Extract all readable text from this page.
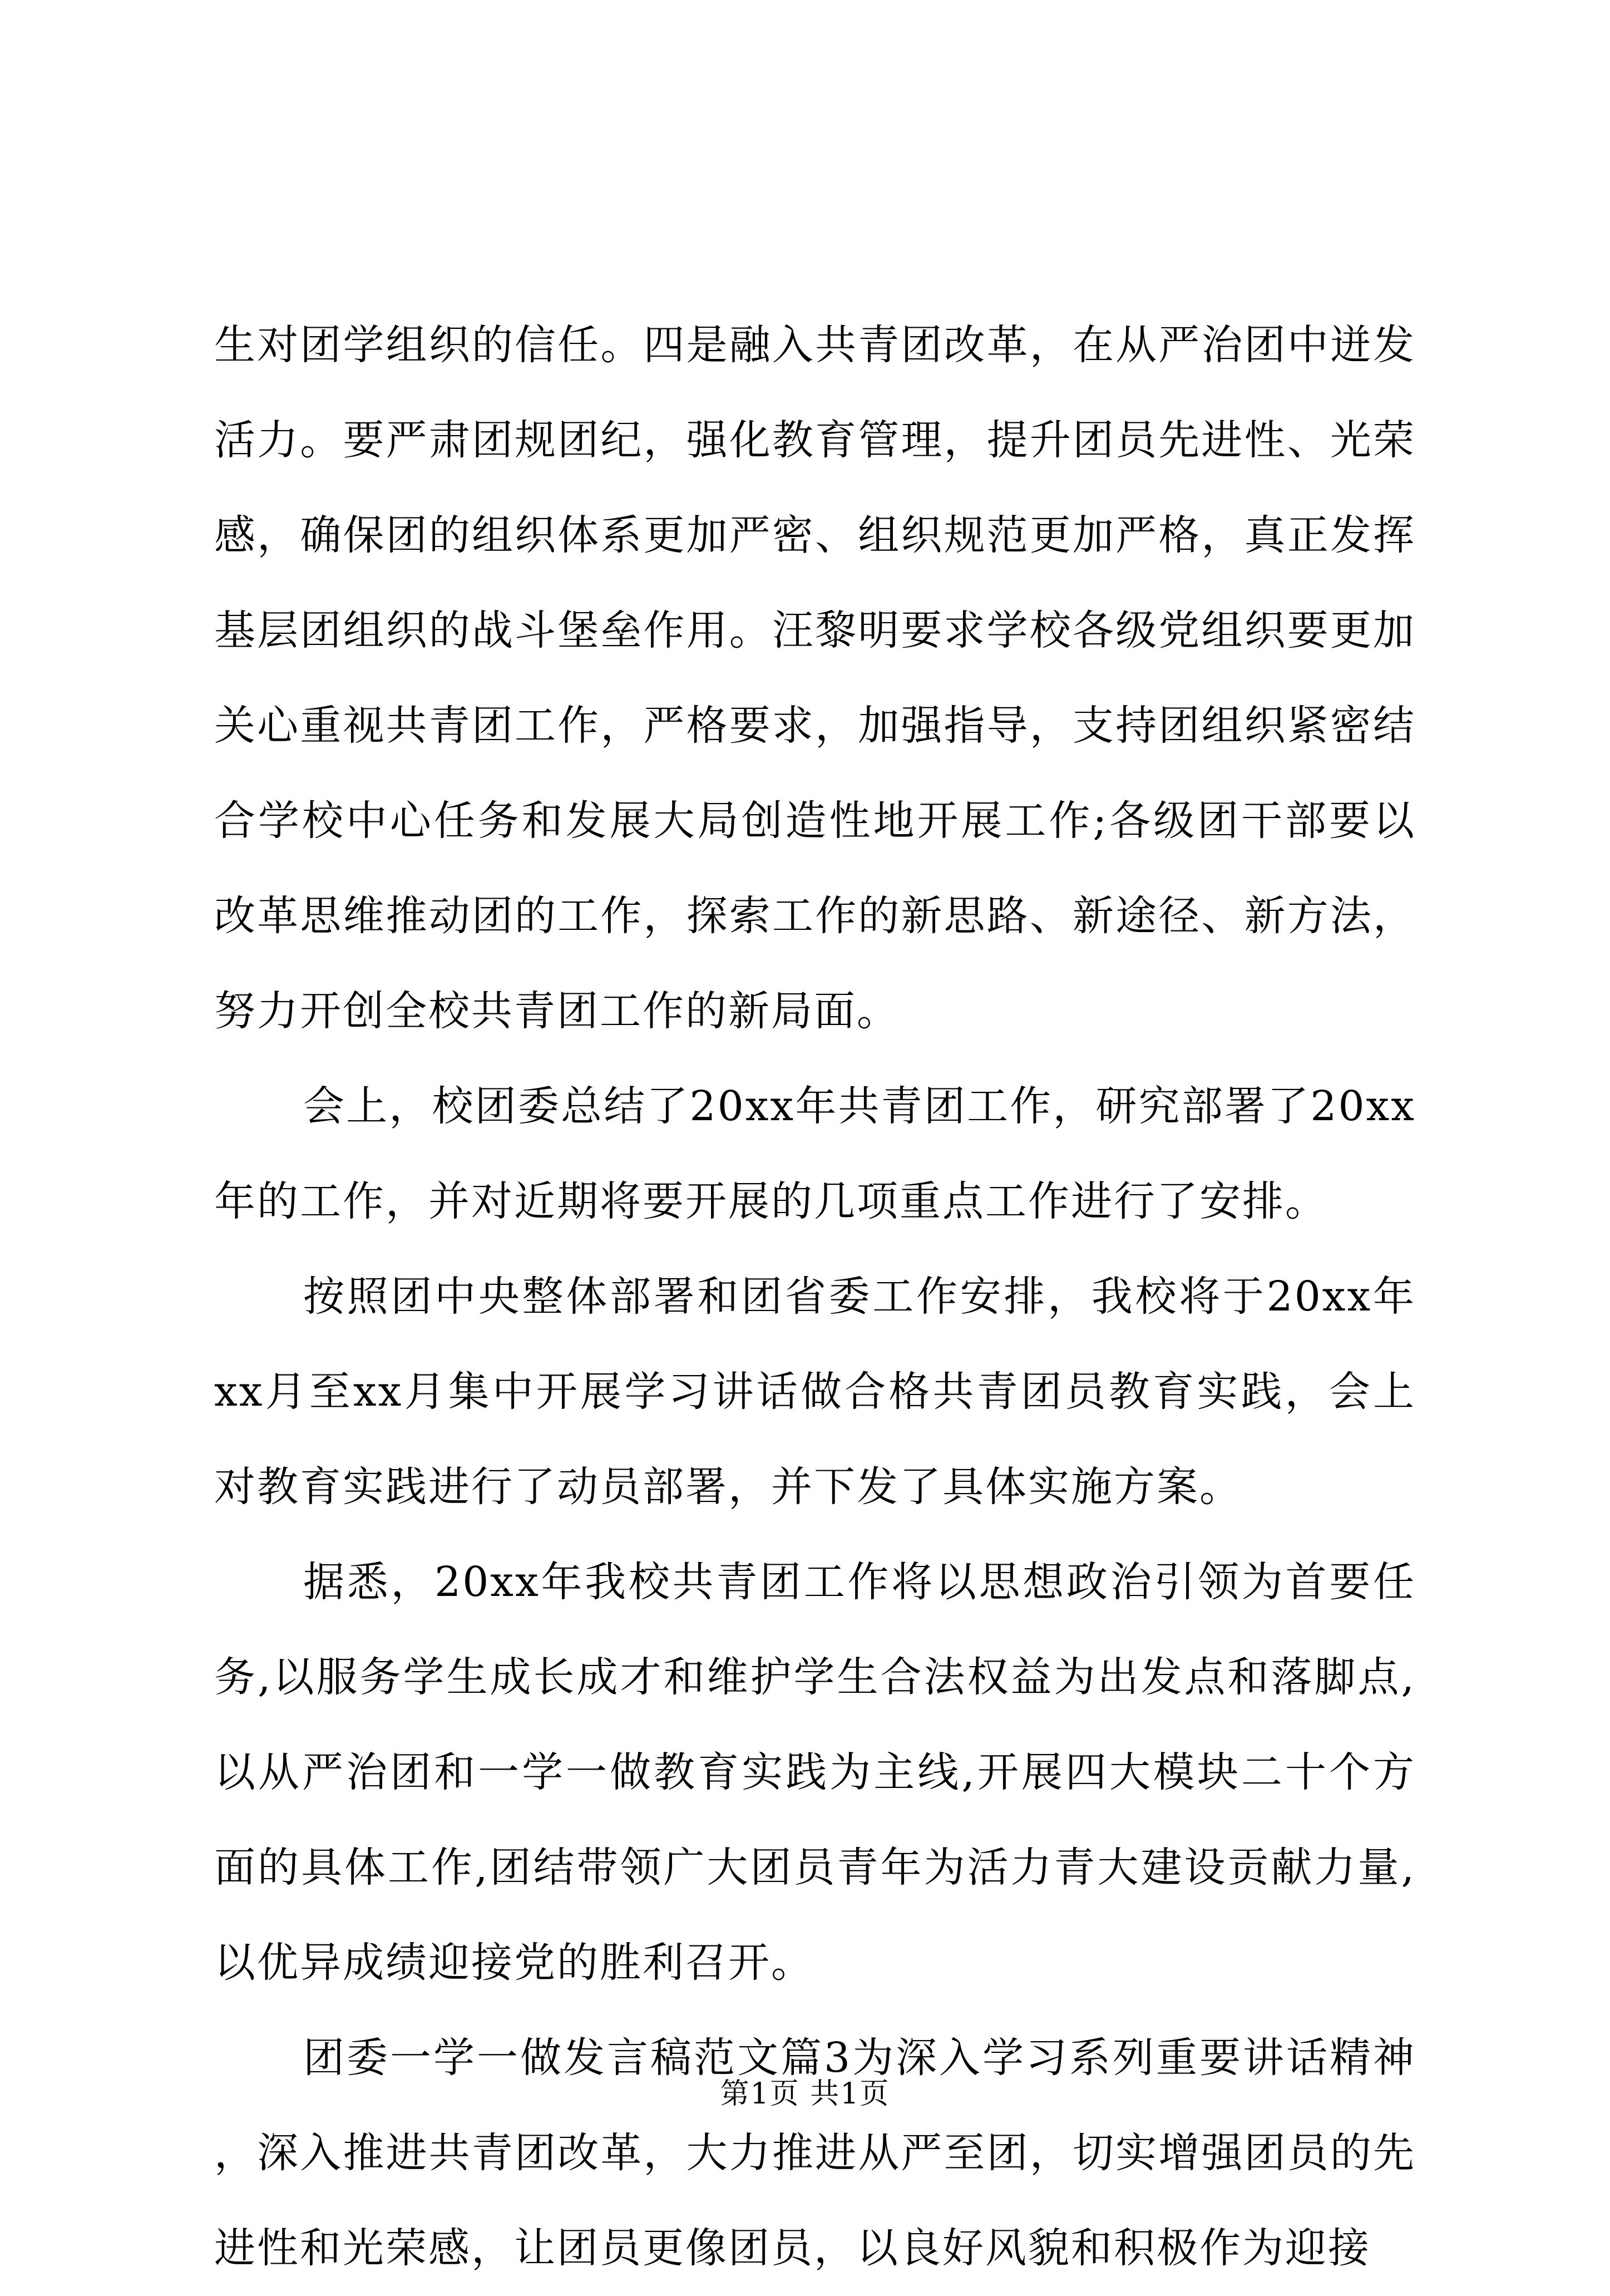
生对团学组织的信任。四是融入共青团改革，在从严治团中迸发活力。要严肃团规团纪，强化教育管理，提升团员先进性、光荣感，确保团的组织体系更加严密、组织规范更加严格，真正发挥基层团组织的战斗堡垒作用。汪黎明要求学校各级党组织要更加关心重视共青团工作，严格要求，加强指导，支持团组织紧密结合学校中心任务和发展大局创造性地开展工作;各级团干部要以改革思维推动团的工作，探索工作的新思路、新途径、新方法，努力开创全校共青团工作的新局面。

会上，校团委总结了20xx年共青团工作，研究部署了20xx年的工作，并对近期将要开展的几项重点工作进行了安排。

按照团中央整体部署和团省委工作安排，我校将于20xx年xx月至xx月集中开展学习讲话做合格共青团员教育实践，会上对教育实践进行了动员部署，并下发了具体实施方案。

据悉，20xx年我校共青团工作将以思想政治引领为首要任务,以服务学生成长成才和维护学生合法权益为出发点和落脚点,以从严治团和一学一做教育实践为主线,开展四大模块二十个方面的具体工作,团结带领广大团员青年为活力青大建设贡献力量,以优异成绩迎接党的胜利召开。

团委一学一做发言稿范文篇3为深入学习系列重要讲话精神，深入推进共青团改革，大力推进从严至团，切实增强团员的先进性和光荣感，让团员更像团员，以良好风貌和积极作为迎接

第1页 共1页
